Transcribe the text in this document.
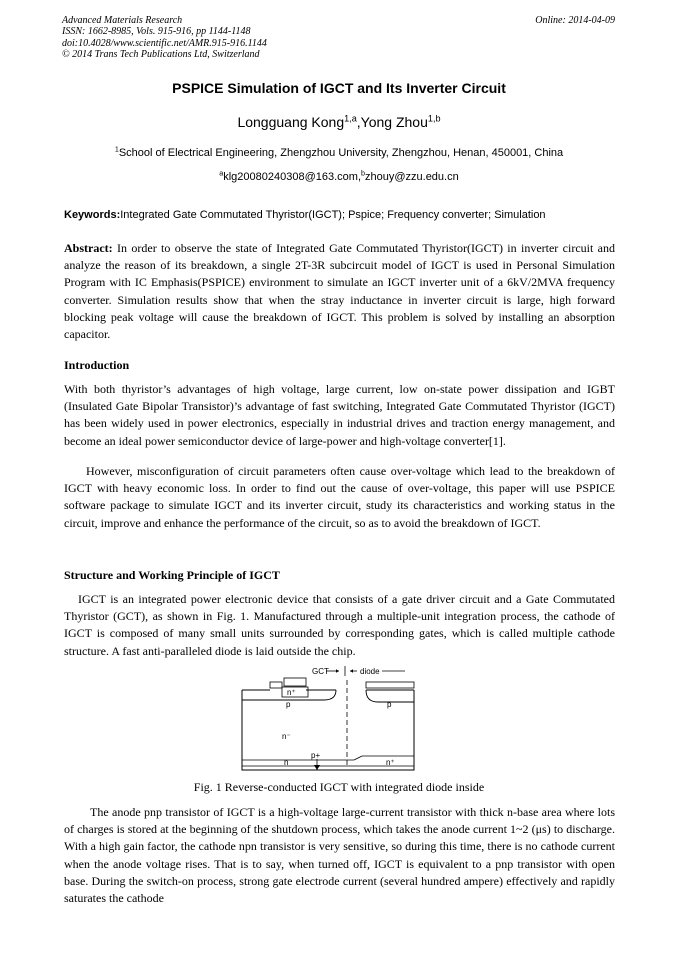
Advanced Materials Research
ISSN: 1662-8985, Vols. 915-916, pp 1144-1148
doi:10.4028/www.scientific.net/AMR.915-916.1144
© 2014 Trans Tech Publications Ltd, Switzerland
Online: 2014-04-09
PSPICE Simulation of IGCT and Its Inverter Circuit
Longguang Kong$^{1,a}$,Yong Zhou$^{1,b}$
$^1$School of Electrical Engineering, Zhengzhou University, Zhengzhou, Henan, 450001, China
$^a$klg20080240308@163.com,$^b$zhouy@zzu.edu.cn
Keywords:Integrated Gate Commutated Thyristor(IGCT); Pspice; Frequency converter; Simulation
Abstract: In order to observe the state of Integrated Gate Commutated Thyristor(IGCT) in inverter circuit and analyze the reason of its breakdown, a single 2T-3R subcircuit model of IGCT is used in Personal Simulation Program with IC Emphasis(PSPICE) environment to simulate an IGCT inverter unit of a 6kV/2MVA frequency converter. Simulation results show that when the stray inductance in inverter circuit is large, high forward blocking peak voltage will cause the breakdown of IGCT. This problem is solved by installing an absorption capacitor.
Introduction
With both thyristor’s advantages of high voltage, large current, low on-state power dissipation and IGBT (Insulated Gate Bipolar Transistor)’s advantage of fast switching, Integrated Gate Commutated Thyristor (IGCT) has been widely used in power electronics, especially in industrial drives and traction energy management, and become an ideal power semiconductor device of large-power and high-voltage converter[1].
However, misconfiguration of circuit parameters often cause over-voltage which lead to the breakdown of IGCT with heavy economic loss. In order to find out the cause of over-voltage, this paper will use PSPICE software package to simulate IGCT and its inverter circuit, study its characteristics and working status in the circuit, improve and enhance the performance of the circuit, so as to avoid the breakdown of IGCT.
Structure and Working Principle of IGCT
IGCT is an integrated power electronic device that consists of a gate driver circuit and a Gate Commutated Thyristor (GCT), as shown in Fig. 1. Manufactured through a multiple-unit integration process, the cathode of IGCT is composed of many small units surrounded by corresponding gates, which is called multiple cathode structure. A fast anti-paralleled diode is laid outside the chip.
GCT	diode
n⁺
p	p
n⁻
p+
n	n⁺
Fig. 1 Reverse-conducted IGCT with integrated diode inside
The anode pnp transistor of IGCT is a high-voltage large-current transistor with thick n-base area where lots of charges is stored at the beginning of the shutdown process, which takes the anode current 1~2 (μs) to discharge. With a high gain factor, the cathode npn transistor is very sensitive, so during this time, there is no cathode current when the anode voltage rises. That is to say, when turned off, IGCT is equivalent to a pnp transistor with open base. During the switch-on process, strong gate electrode current (several hundred ampere) effectively and rapidly saturates the cathode
